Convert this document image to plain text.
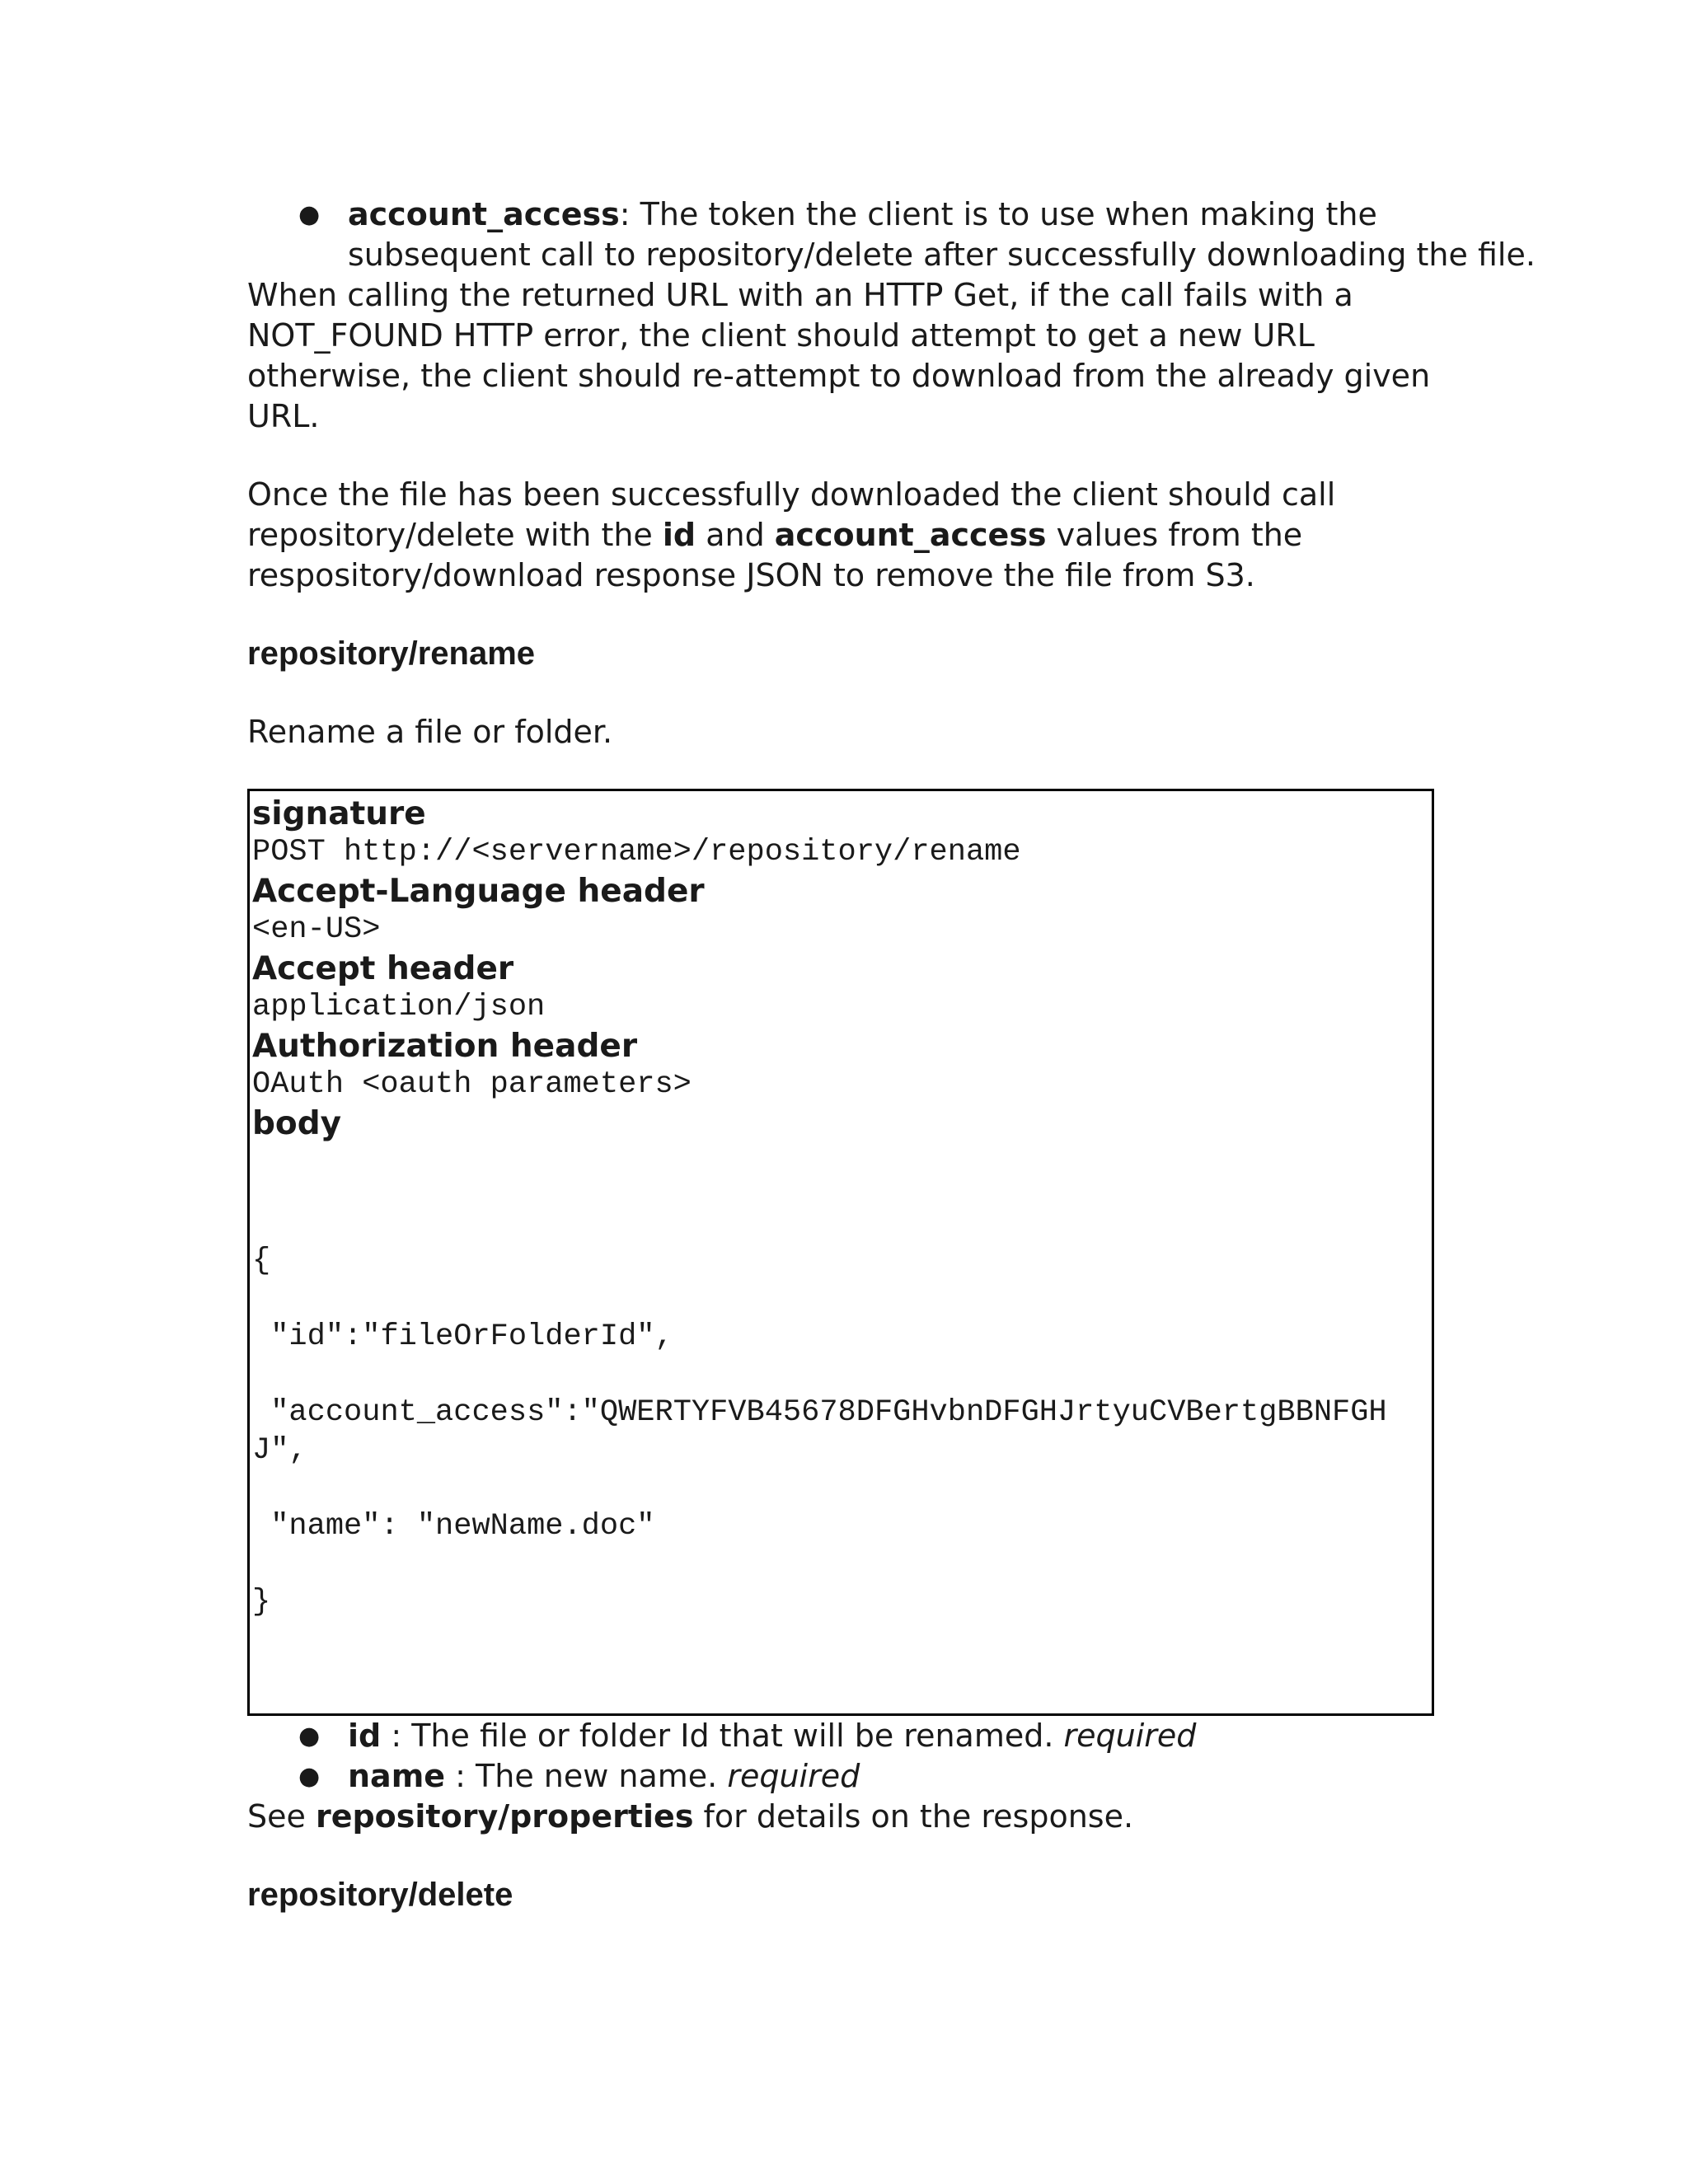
● account_access: The token the client is to use when making the subsequent call to repository/delete after successfully downloading the file.

When calling the returned URL with an HTTP Get, if the call fails with a NOT_FOUND HTTP error, the client should attempt to get a new URL otherwise, the client should re-attempt to download from the already given URL.

Once the file has been successfully downloaded the client should call repository/delete with the id and account_access values from the respository/download response JSON to remove the file from S3.

repository/rename

Rename a file or folder.

signature

POST http://<servername>/repository/rename

Accept-Language header

<en-US>

Accept header

application/json

Authorization header

OAuth <oauth parameters>

body

{

"id":"fileOrFolderId",

"account_access":"QWERTYFVB45678DFGHvbnDFGHJrtyuCVBertgBBNFGHJ",

"name": "newName.doc"

}

● id : The file or folder Id that will be renamed. required
● name : The new name. required

See repository/properties for details on the response.

repository/delete
